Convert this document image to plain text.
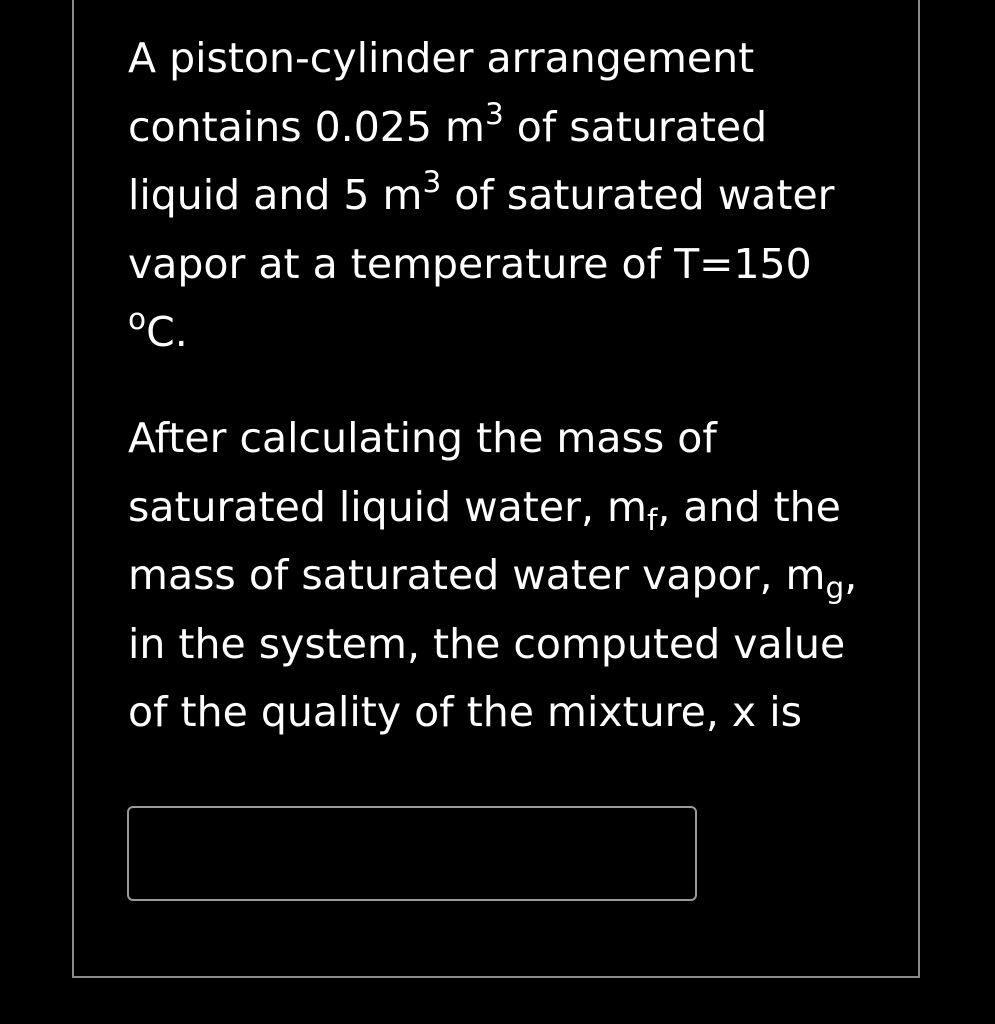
A piston-cylinder arrangement contains 0.025 $m^3$ of saturated liquid and 5 $m^3$ of saturated water vapor at a temperature of T=150 $^o$C.

After calculating the mass of saturated liquid water, $m_f$, and the mass of saturated water vapor, $m_g$, in the system, the computed value of the quality of the mixture, x is
